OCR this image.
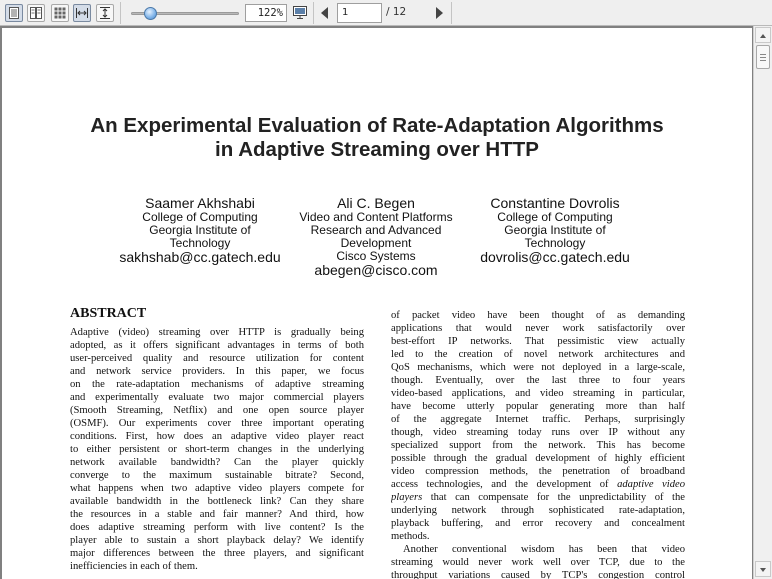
122%	1	/ 12
An Experimental Evaluation of Rate-Adaptation Algorithms
in Adaptive Streaming over HTTP
Saamer Akhshabi
College of Computing
Georgia Institute of
Technology
sakhshab@cc.gatech.edu
Ali C. Begen
Video and Content Platforms
Research and Advanced
Development
Cisco Systems
abegen@cisco.com
Constantine Dovrolis
College of Computing
Georgia Institute of
Technology
dovrolis@cc.gatech.edu
ABSTRACT
Adaptive (video) streaming over HTTP is gradually being
adopted, as it offers significant advantages in terms of both
user-perceived quality and resource utilization for content
and network service providers. In this paper, we focus
on the rate-adaptation mechanisms of adaptive streaming
and experimentally evaluate two major commercial players
(Smooth Streaming, Netflix) and one open source player
(OSMF). Our experiments cover three important operating
conditions. First, how does an adaptive video player react
to either persistent or short-term changes in the underlying
network available bandwidth? Can the player quickly
converge to the maximum sustainable bitrate? Second,
what happens when two adaptive video players compete for
available bandwidth in the bottleneck link? Can they share
the resources in a stable and fair manner? And third, how
does adaptive streaming perform with live content? Is the
player able to sustain a short playback delay? We identify
major differences between the three players, and significant
inefficiencies in each of them.
of packet video have been thought of as demanding
applications that would never work satisfactorily over
best-effort IP networks. That pessimistic view actually
led to the creation of novel network architectures and
QoS mechanisms, which were not deployed in a large-scale,
though. Eventually, over the last three to four years
video-based applications, and video streaming in particular,
have become utterly popular generating more than half
of the aggregate Internet traffic. Perhaps, surprisingly
though, video streaming today runs over IP without any
specialized support from the network. This has become
possible through the gradual development of highly efficient
video compression methods, the penetration of broadband
access technologies, and the development of adaptive video
players that can compensate for the unpredictability of the
underlying network through sophisticated rate-adaptation,
playback buffering, and error recovery and concealment
methods.
Another conventional wisdom has been that video
streaming would never work well over TCP, due to the
throughput variations caused by TCP's congestion control
